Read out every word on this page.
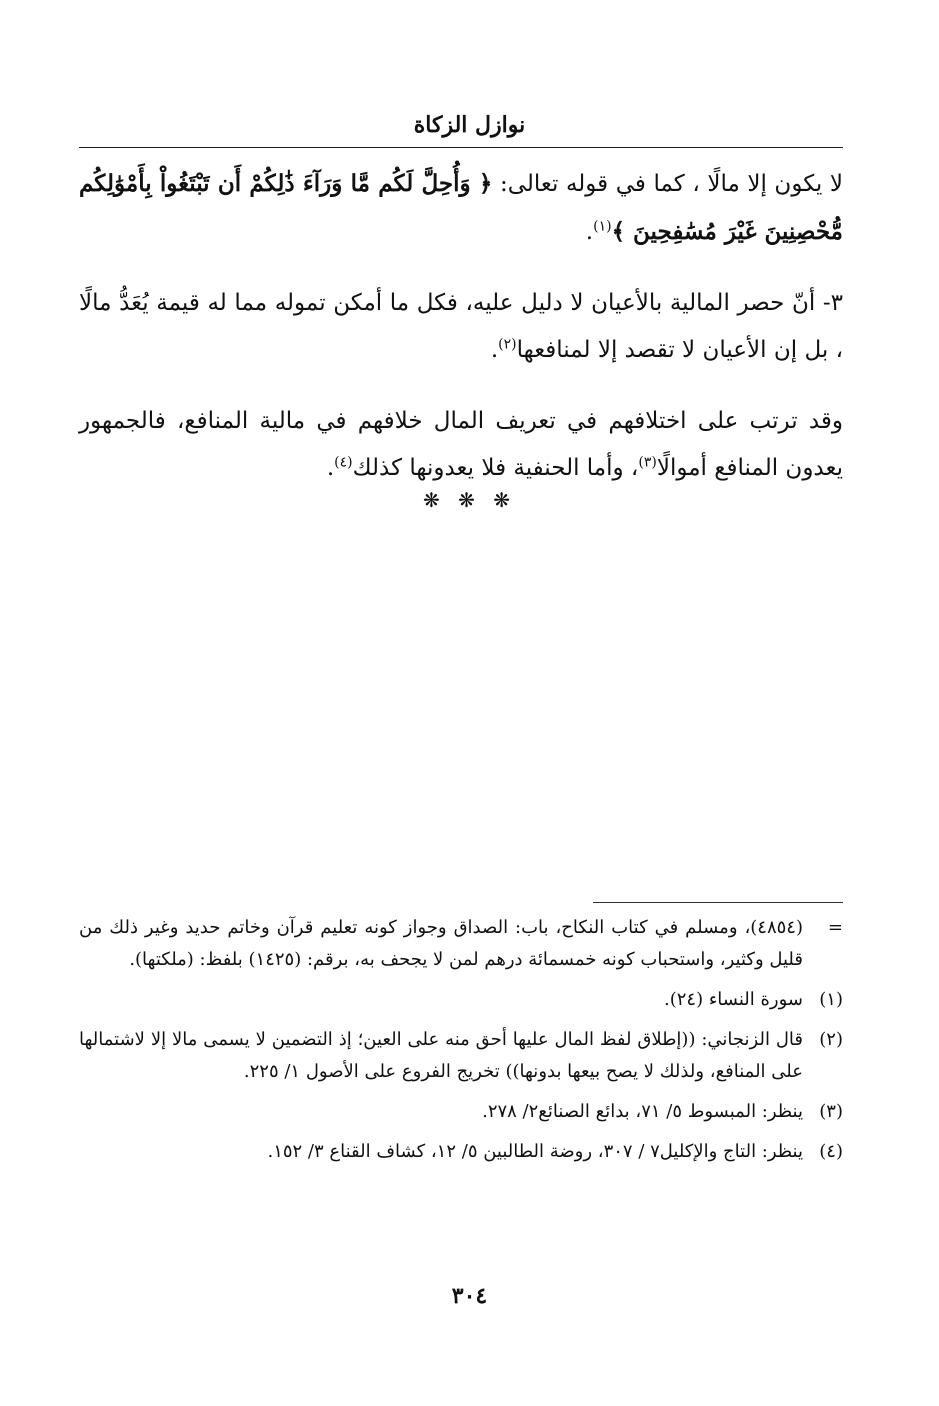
نوازل الزكاة

لا يكون إلا مالًا ، كما في قوله تعالى: ﴿ وَأُحِلَّ لَكُم مَّا وَرَآءَ ذَٰلِكُمْ أَن تَبْتَغُواْ بِأَمْوَٰلِكُم مُّحْصِنِينَ غَيْرَ مُسَٰفِحِينَ ﴾$^{(١)}$.

٣- أنّ حصر المالية بالأعيان لا دليل عليه، فكل ما أمكن تموله مما له قيمة يُعَدُّ مالًا ، بل إن الأعيان لا تقصد إلا لمنافعها$^{(٢)}$.

وقد ترتب على اختلافهم في تعريف المال خلافهم في مالية المنافع، فالجمهور يعدون المنافع أموالًا$^{(٣)}$، وأما الحنفية فلا يعدونها كذلك$^{(٤)}$.

❋ ❋ ❋
=
(٤٨٥٤)، ومسلم في كتاب النكاح، باب: الصداق وجواز كونه تعليم قرآن وخاتم حديد وغير ذلك من قليل وكثير، واستحباب كونه خمسمائة درهم لمن لا يجحف به، برقم: (١٤٢٥) بلفظ: (ملكتها).
(١)
سورة النساء (٢٤).
(٢)
قال الزنجاني: ((إطلاق لفظ المال عليها أحق منه على العين؛ إذ التضمين لا يسمى مالا إلا لاشتمالها على المنافع، ولذلك لا يصح بيعها بدونها)) تخريج الفروع على الأصول ١/ ٢٢٥.
(٣)
ينظر: المبسوط ٥/ ٧١، بدائع الصنائع٢/ ٢٧٨.
(٤)
ينظر: التاج والإكليل٧ / ٣٠٧، روضة الطالبين ٥/ ١٢، كشاف القناع ٣/ ١٥٢.
٣٠٤
